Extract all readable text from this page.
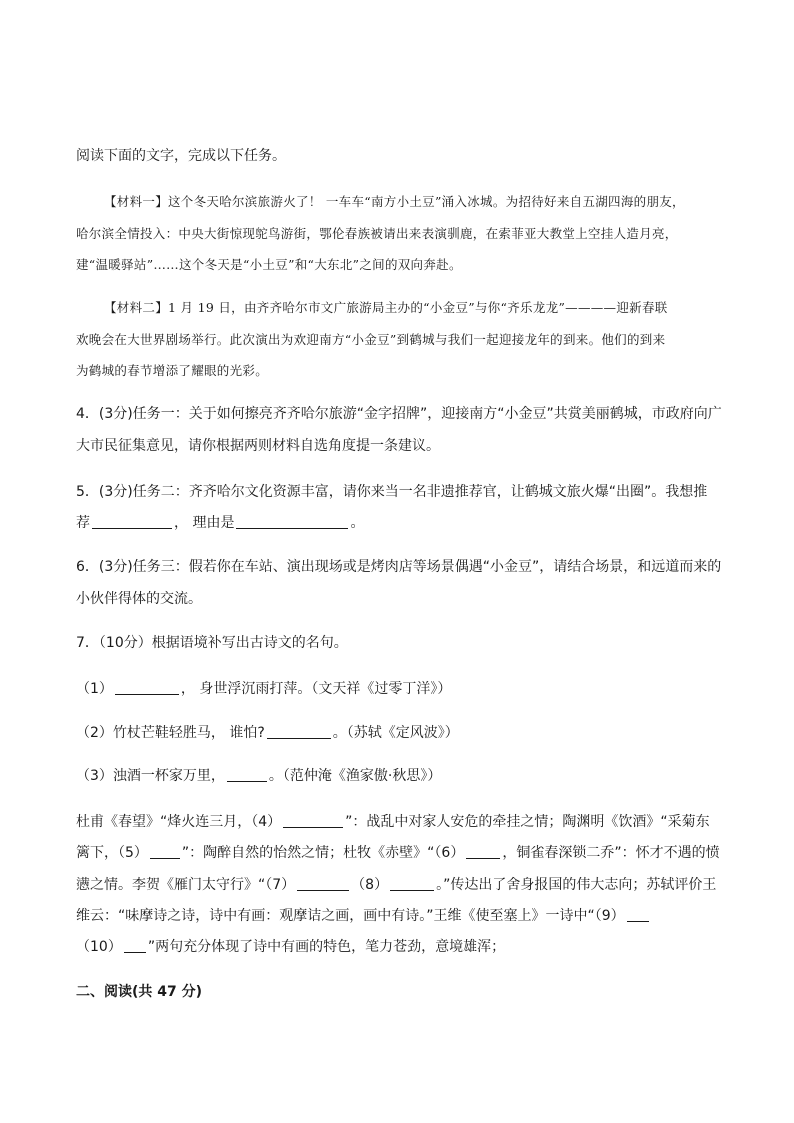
阅读下面的文字，完成以下任务。
【材料一】这个冬天哈尔滨旅游火了！ 一车车“南方小土豆”涌入冰城。为招待好来自五湖四海的朋友，
哈尔滨全情投入：中央大街惊现鸵鸟游街，鄂伦春族被请出来表演驯鹿，在索菲亚大教堂上空挂人造月亮，
建“温暖驿站”……这个冬天是“小土豆”和“大东北”之间的双向奔赴。
【材料二】1 月 19 日，由齐齐哈尔市文广旅游局主办的“小金豆”与你“齐乐龙龙”————迎新春联
欢晚会在大世界剧场举行。此次演出为欢迎南方“小金豆”到鹤城与我们一起迎接龙年的到来。他们的到来
为鹤城的春节增添了耀眼的光彩。
4．(3分)任务一：关于如何擦亮齐齐哈尔旅游“金字招牌”，迎接南方“小金豆”共赏美丽鹤城，市政府向广
大市民征集意见，请你根据两则材料自选角度提一条建议。
5．(3分)任务二：齐齐哈尔文化资源丰富，请你来当一名非遗推荐官，让鹤城文旅火爆“出圈”。我想推
荐	， 理由是	。
6．(3分)任务三：假若你在车站、演出现场或是烤肉店等场景偶遇“小金豆”，请结合场景，和远道而来的
小伙伴得体的交流。
7．（10分）根据语境补写出古诗文的名句。
（1）	， 身世浮沉雨打萍。（文天祥《过零丁洋》）
（2）竹杖芒鞋轻胜马， 谁怕?	。（苏轼《定风波》）
（3）浊酒一杯家万里，	。（范仲淹《渔家傲·秋思》）
杜甫《春望》“烽火连三月，（4）	”：战乱中对家人安危的牵挂之情；陶渊明《饮酒》“采菊东
篱下，（5） ”：陶醉自然的怡然之情；杜牧《赤壁》“（6）	，铜雀春深锁二乔”：怀才不遇的愤
懑之情。李贺《雁门太守行》“（7）	（8）	。”传达出了舍身报国的伟大志向；苏轼评价王
维云：“味摩诗之诗，诗中有画：观摩诘之画，画中有诗。”王维《使至塞上》一诗中“（9）
（10） ”两句充分体现了诗中有画的特色，笔力苍劲，意境雄浑；
二、阅读(共 47 分)
